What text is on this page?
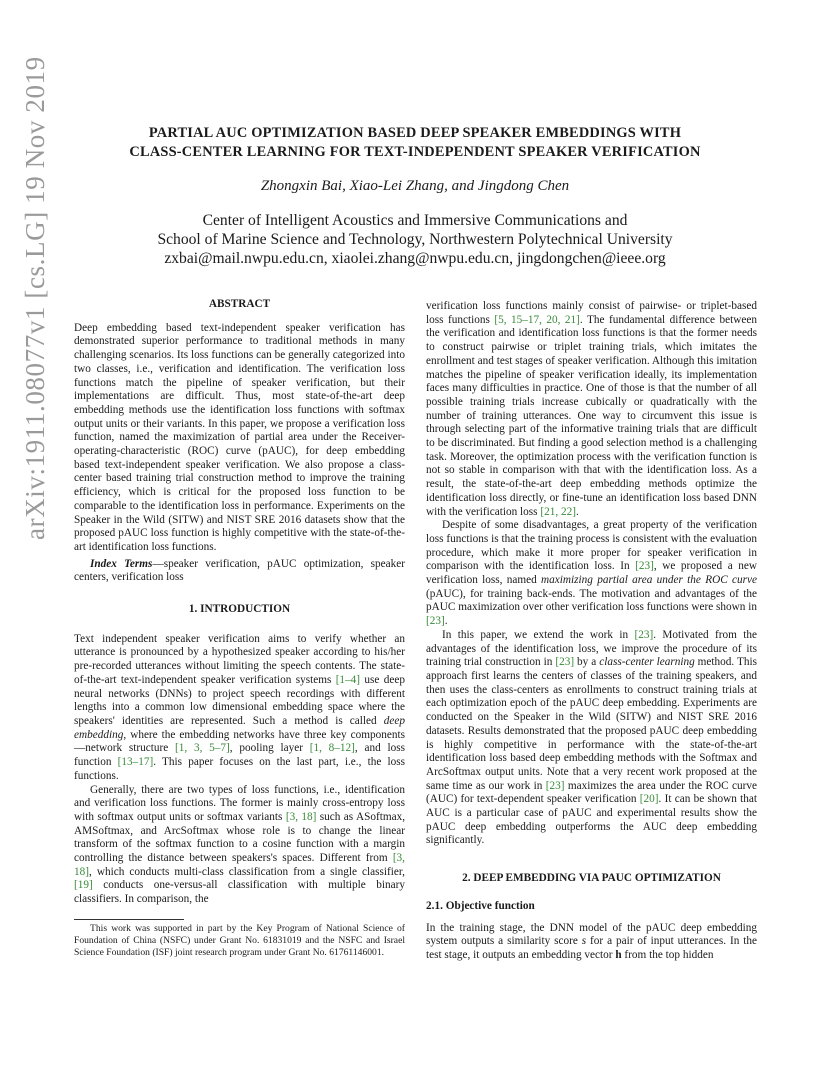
arXiv:1911.08077v1 [cs.LG] 19 Nov 2019	PARTIAL AUC OPTIMIZATION BASED DEEP SPEAKER EMBEDDINGS WITH
CLASS-CENTER LEARNING FOR TEXT-INDEPENDENT SPEAKER VERIFICATION
Zhongxin Bai, Xiao-Lei Zhang, and Jingdong Chen
Center of Intelligent Acoustics and Immersive Communications and
School of Marine Science and Technology, Northwestern Polytechnical University
zxbai@mail.nwpu.edu.cn, xiaolei.zhang@nwpu.edu.cn, jingdongchen@ieee.org

ABSTRACT

Deep embedding based text-independent speaker verification has demonstrated superior performance to traditional methods in many challenging scenarios. Its loss functions can be generally categorized into two classes, i.e., verification and identification. The verification loss functions match the pipeline of speaker verification, but their implementations are difficult. Thus, most state-of-the-art deep embedding methods use the identification loss functions with softmax output units or their variants. In this paper, we propose a verification loss function, named the maximization of partial area under the Receiver-operating-characteristic (ROC) curve (pAUC), for deep embedding based text-independent speaker verification. We also propose a class-center based training trial construction method to improve the training efficiency, which is critical for the proposed loss function to be comparable to the identification loss in performance. Experiments on the Speaker in the Wild (SITW) and NIST SRE 2016 datasets show that the proposed pAUC loss function is highly competitive with the state-of-the-art identification loss functions.

Index Terms—speaker verification, pAUC optimization, speaker centers, verification loss

1. INTRODUCTION

Text independent speaker verification aims to verify whether an utterance is pronounced by a hypothesized speaker according to his/her pre-recorded utterances without limiting the speech contents. The state-of-the-art text-independent speaker verification systems [1–4] use deep neural networks (DNNs) to project speech recordings with different lengths into a common low dimensional embedding space where the speakers' identities are represented. Such a method is called deep embedding, where the embedding networks have three key components—network structure [1, 3, 5–7], pooling layer [1, 8–12], and loss function [13–17]. This paper focuses on the last part, i.e., the loss functions.

Generally, there are two types of loss functions, i.e., identification and verification loss functions. The former is mainly cross-entropy loss with softmax output units or softmax variants [3, 18] such as ASoftmax, AMSoftmax, and ArcSoftmax whose role is to change the linear transform of the softmax function to a cosine function with a margin controlling the distance between speakers's spaces. Different from [3, 18], which conducts multi-class classification from a single classifier, [19] conducts one-versus-all classification with multiple binary classifiers. In comparison, the

This work was supported in part by the Key Program of National Science of Foundation of China (NSFC) under Grant No. 61831019 and the NSFC and Israel Science Foundation (ISF) joint research program under Grant No. 61761146001.

verification loss functions mainly consist of pairwise- or triplet-based loss functions [5, 15–17, 20, 21]. The fundamental difference between the verification and identification loss functions is that the former needs to construct pairwise or triplet training trials, which imitates the enrollment and test stages of speaker verification. Although this imitation matches the pipeline of speaker verification ideally, its implementation faces many difficulties in practice. One of those is that the number of all possible training trials increase cubically or quadratically with the number of training utterances. One way to circumvent this issue is through selecting part of the informative training trials that are difficult to be discriminated. But finding a good selection method is a challenging task. Moreover, the optimization process with the verification function is not so stable in comparison with that with the identification loss. As a result, the state-of-the-art deep embedding methods optimize the identification loss directly, or fine-tune an identification loss based DNN with the verification loss [21, 22].

Despite of some disadvantages, a great property of the verification loss functions is that the training process is consistent with the evaluation procedure, which make it more proper for speaker verification in comparison with the identification loss. In [23], we proposed a new verification loss, named maximizing partial area under the ROC curve (pAUC), for training back-ends. The motivation and advantages of the pAUC maximization over other verification loss functions were shown in [23].

In this paper, we extend the work in [23]. Motivated from the advantages of the identification loss, we improve the procedure of its training trial construction in [23] by a class-center learning method. This approach first learns the centers of classes of the training speakers, and then uses the class-centers as enrollments to construct training trials at each optimization epoch of the pAUC deep embedding. Experiments are conducted on the Speaker in the Wild (SITW) and NIST SRE 2016 datasets. Results demonstrated that the proposed pAUC deep embedding is highly competitive in performance with the state-of-the-art identification loss based deep embedding methods with the Softmax and ArcSoftmax output units. Note that a very recent work proposed at the same time as our work in [23] maximizes the area under the ROC curve (AUC) for text-dependent speaker verification [20]. It can be shown that AUC is a particular case of pAUC and experimental results show the pAUC deep embedding outperforms the AUC deep embedding significantly.

2. DEEP EMBEDDING VIA PAUC OPTIMIZATION

2.1. Objective function

In the training stage, the DNN model of the pAUC deep embedding system outputs a similarity score s for a pair of input utterances. In the test stage, it outputs an embedding vector h from the top hidden
